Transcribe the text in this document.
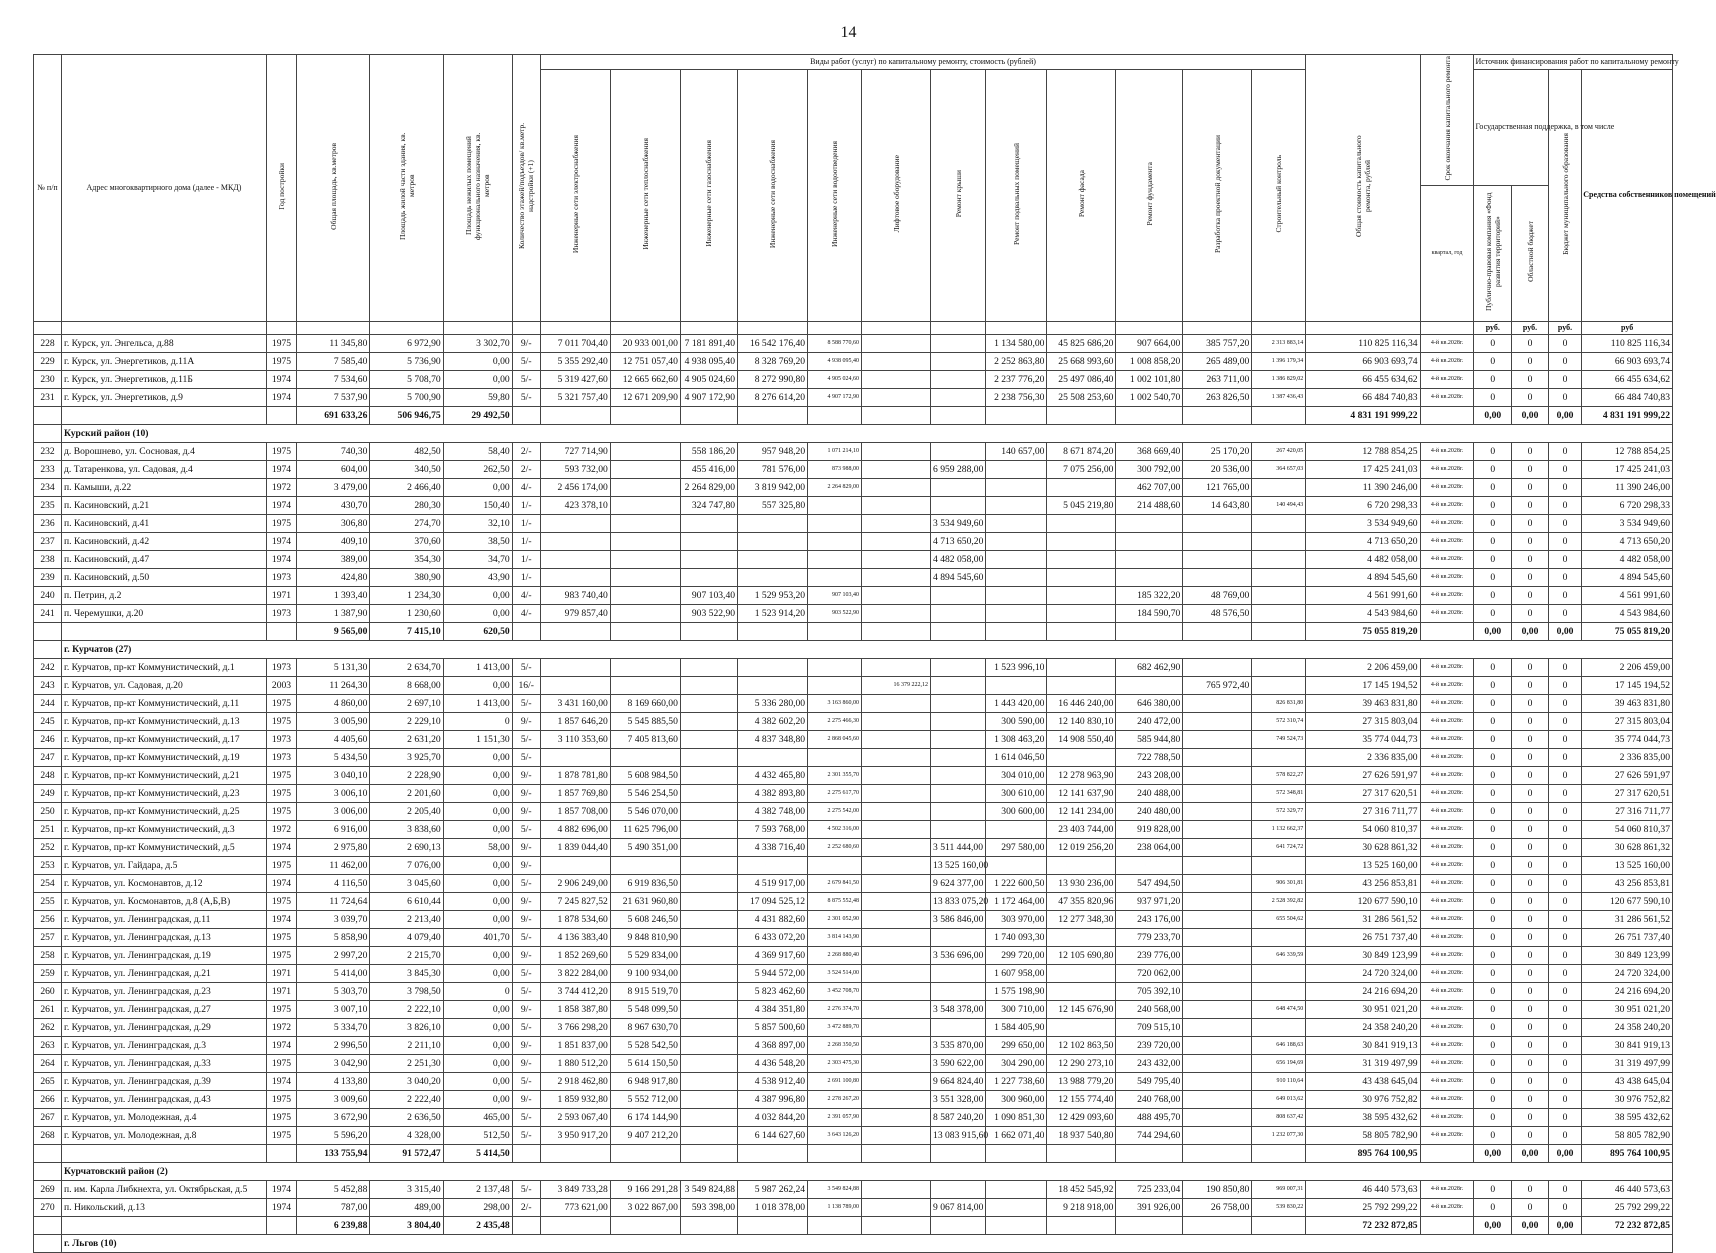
14
№ п/п	Адрес многоквартирного дома (далее - МКД)	Год постройки	Общая площадь, кв.метров	Площадь жилой части здания, кв. метров	Площадь нежилых помещений функционального назначения, кв. метров	Количество этажей/подъездов/ кв.метр. надстройки (+1)	Виды работ (услуг) по капитальному ремонту, стоимость (рублей)												Общая стоимость капитального ремонта, рублей	Срок окончания капитального ремонта	Источник финансирования работ по капитальному ремонту			
							Инженерные сети электроснабжения	Инженерные сети теплоснабжения	Инженерные сети газоснабжения	Инженерные сети водоснабжения	Инженерные сети водоотведения	Лифтовое оборудование	Ремонт крыши	Ремонт подвальных помещений	Ремонт фасада	Ремонт фундамента	Разработка проектной документации	Строительный контроль			Государственная поддержка, в том числе		Бюджет муниципального образования	Средства собственников помещений
																				квартал, год	Публично-правовая компания «Фонд развития территорий»	Областной бюджет		
																					руб.	руб.	руб.	руб
228	г. Курск, ул. Энгельса, д.88	1975	11 345,80	6 972,90	3 302,70	9/-	7 011 704,40	20 933 001,00	7 181 891,40	16 542 176,40	8 588 770,60			1 134 580,00	45 825 686,20	907 664,00	385 757,20	2 313 883,14	110 825 116,34	4-й кв.2028г.	0	0	0	110 825 116,34
229	г. Курск, ул. Энергетиков, д.11А	1975	7 585,40	5 736,90	0,00	5/-	5 355 292,40	12 751 057,40	4 938 095,40	8 328 769,20	4 938 095,40			2 252 863,80	25 668 993,60	1 008 858,20	265 489,00	1 396 179,34	66 903 693,74	4-й кв.2028г.	0	0	0	66 903 693,74
230	г. Курск, ул. Энергетиков, д.11Б	1974	7 534,60	5 708,70	0,00	5/-	5 319 427,60	12 665 662,60	4 905 024,60	8 272 990,80	4 905 024,60			2 237 776,20	25 497 086,40	1 002 101,80	263 711,00	1 386 829,02	66 455 634,62	4-й кв.2028г.	0	0	0	66 455 634,62
231	г. Курск, ул. Энергетиков, д.9	1974	7 537,90	5 700,90	59,80	5/-	5 321 757,40	12 671 209,90	4 907 172,90	8 276 614,20	4 907 172,90			2 238 756,30	25 508 253,60	1 002 540,70	263 826,50	1 387 436,43	66 484 740,83	4-й кв.2028г.	0	0	0	66 484 740,83
			691 633,26	506 946,75	29 492,50														4 831 191 999,22		0,00	0,00	0,00	4 831 191 999,22
	Курский район (10)																							
232	д. Ворошнево, ул. Сосновая, д.4	1975	740,30	482,50	58,40	2/-	727 714,90		558 186,20	957 948,20	1 071 214,10			140 657,00	8 671 874,20	368 669,40	25 170,20	267 420,05	12 788 854,25	4-й кв.2028г.	0	0	0	12 788 854,25
233	д. Татаренкова, ул. Садовая, д.4	1974	604,00	340,50	262,50	2/-	593 732,00		455 416,00	781 576,00	873 988,00		6 959 288,00		7 075 256,00	300 792,00	20 536,00	364 657,03	17 425 241,03	4-й кв.2028г.	0	0	0	17 425 241,03
234	п. Камыши, д.22	1972	3 479,00	2 466,40	0,00	4/-	2 456 174,00		2 264 829,00	3 819 942,00	2 264 829,00					462 707,00	121 765,00		11 390 246,00	4-й кв.2028г.	0	0	0	11 390 246,00
235	п. Касиновский, д.21	1974	430,70	280,30	150,40	1/-	423 378,10		324 747,80	557 325,80					5 045 219,80	214 488,60	14 643,80	140 494,43	6 720 298,33	4-й кв.2028г.	0	0	0	6 720 298,33
236	п. Касиновский, д.41	1975	306,80	274,70	32,10	1/-							3 534 949,60						3 534 949,60	4-й кв.2028г.	0	0	0	3 534 949,60
237	п. Касиновский, д.42	1974	409,10	370,60	38,50	1/-							4 713 650,20						4 713 650,20	4-й кв.2028г.	0	0	0	4 713 650,20
238	п. Касиновский, д.47	1974	389,00	354,30	34,70	1/-							4 482 058,00						4 482 058,00	4-й кв.2028г.	0	0	0	4 482 058,00
239	п. Касиновский, д.50	1973	424,80	380,90	43,90	1/-							4 894 545,60						4 894 545,60	4-й кв.2028г.	0	0	0	4 894 545,60
240	п. Петрин, д.2	1971	1 393,40	1 234,30	0,00	4/-	983 740,40		907 103,40	1 529 953,20	907 103,40					185 322,20	48 769,00		4 561 991,60	4-й кв.2028г.	0	0	0	4 561 991,60
241	п. Черемушки, д.20	1973	1 387,90	1 230,60	0,00	4/-	979 857,40		903 522,90	1 523 914,20	903 522,90					184 590,70	48 576,50		4 543 984,60	4-й кв.2028г.	0	0	0	4 543 984,60
			9 565,00	7 415,10	620,50														75 055 819,20		0,00	0,00	0,00	75 055 819,20
	г. Курчатов (27)																							
242	г. Курчатов, пр-кт Коммунистический, д.1	1973	5 131,30	2 634,70	1 413,00	5/-								1 523 996,10		682 462,90			2 206 459,00	4-й кв.2028г.	0	0	0	2 206 459,00
243	г. Курчатов, ул. Садовая, д.20	2003	11 264,30	8 668,00	0,00	16/-						16 379 222,12					765 972,40		17 145 194,52	4-й кв.2028г.	0	0	0	17 145 194,52
244	г. Курчатов, пр-кт Коммунистический, д.11	1975	4 860,00	2 697,10	1 413,00	5/-	3 431 160,00	8 169 660,00		5 336 280,00	3 163 860,00			1 443 420,00	16 446 240,00	646 380,00		826 831,80	39 463 831,80	4-й кв.2028г.	0	0	0	39 463 831,80
245	г. Курчатов, пр-кт Коммунистический, д.13	1975	3 005,90	2 229,10	0	9/-	1 857 646,20	5 545 885,50		4 382 602,20	2 275 466,30			300 590,00	12 140 830,10	240 472,00		572 310,74	27 315 803,04	4-й кв.2028г.	0	0	0	27 315 803,04
246	г. Курчатов, пр-кт Коммунистический, д.17	1973	4 405,60	2 631,20	1 151,30	5/-	3 110 353,60	7 405 813,60		4 837 348,80	2 868 045,60			1 308 463,20	14 908 550,40	585 944,80		749 524,73	35 774 044,73	4-й кв.2028г.	0	0	0	35 774 044,73
247	г. Курчатов, пр-кт Коммунистический, д.19	1973	5 434,50	3 925,70	0,00	5/-								1 614 046,50		722 788,50			2 336 835,00	4-й кв.2028г.	0	0	0	2 336 835,00
248	г. Курчатов, пр-кт Коммунистический, д.21	1975	3 040,10	2 228,90	0,00	9/-	1 878 781,80	5 608 984,50		4 432 465,80	2 301 355,70			304 010,00	12 278 963,90	243 208,00		578 822,27	27 626 591,97	4-й кв.2028г.	0	0	0	27 626 591,97
249	г. Курчатов, пр-кт Коммунистический, д.23	1975	3 006,10	2 201,60	0,00	9/-	1 857 769,80	5 546 254,50		4 382 893,80	2 275 617,70			300 610,00	12 141 637,90	240 488,00		572 348,81	27 317 620,51	4-й кв.2028г.	0	0	0	27 317 620,51
250	г. Курчатов, пр-кт Коммунистический, д.25	1975	3 006,00	2 205,40	0,00	9/-	1 857 708,00	5 546 070,00		4 382 748,00	2 275 542,00			300 600,00	12 141 234,00	240 480,00		572 329,77	27 316 711,77	4-й кв.2028г.	0	0	0	27 316 711,77
251	г. Курчатов, пр-кт Коммунистический, д.3	1972	6 916,00	3 838,60	0,00	5/-	4 882 696,00	11 625 796,00		7 593 768,00	4 502 316,00				23 403 744,00	919 828,00		1 132 662,37	54 060 810,37	4-й кв.2028г.	0	0	0	54 060 810,37
252	г. Курчатов, пр-кт Коммунистический, д.5	1974	2 975,80	2 690,13	58,00	9/-	1 839 044,40	5 490 351,00		4 338 716,40	2 252 680,60		3 511 444,00	297 580,00	12 019 256,20	238 064,00		641 724,72	30 628 861,32	4-й кв.2028г.	0	0	0	30 628 861,32
253	г. Курчатов, ул. Гайдара, д.5	1975	11 462,00	7 076,00	0,00	9/-							13 525 160,00						13 525 160,00	4-й кв.2028г.	0	0	0	13 525 160,00
254	г. Курчатов, ул. Космонавтов, д.12	1974	4 116,50	3 045,60	0,00	5/-	2 906 249,00	6 919 836,50		4 519 917,00	2 679 841,50		9 624 377,00	1 222 600,50	13 930 236,00	547 494,50		906 301,81	43 256 853,81	4-й кв.2028г.	0	0	0	43 256 853,81
255	г. Курчатов, ул. Космонавтов, д.8 (А,Б,В)	1975	11 724,64	6 610,44	0,00	9/-	7 245 827,52	21 631 960,80		17 094 525,12	8 875 552,48		13 833 075,20	1 172 464,00	47 355 820,96	937 971,20		2 528 392,82	120 677 590,10	4-й кв.2028г.	0	0	0	120 677 590,10
256	г. Курчатов, ул. Ленинградская, д.11	1974	3 039,70	2 213,40	0,00	9/-	1 878 534,60	5 608 246,50		4 431 882,60	2 301 052,90		3 586 846,00	303 970,00	12 277 348,30	243 176,00		655 504,62	31 286 561,52	4-й кв.2028г.	0	0	0	31 286 561,52
257	г. Курчатов, ул. Ленинградская, д.13	1975	5 858,90	4 079,40	401,70	5/-	4 136 383,40	9 848 810,90		6 433 072,20	3 814 143,90			1 740 093,30		779 233,70			26 751 737,40	4-й кв.2028г.	0	0	0	26 751 737,40
258	г. Курчатов, ул. Ленинградская, д.19	1975	2 997,20	2 215,70	0,00	9/-	1 852 269,60	5 529 834,00		4 369 917,60	2 268 880,40		3 536 696,00	299 720,00	12 105 690,80	239 776,00		646 339,59	30 849 123,99	4-й кв.2028г.	0	0	0	30 849 123,99
259	г. Курчатов, ул. Ленинградская, д.21	1971	5 414,00	3 845,30	0,00	5/-	3 822 284,00	9 100 934,00		5 944 572,00	3 524 514,00			1 607 958,00		720 062,00			24 720 324,00	4-й кв.2028г.	0	0	0	24 720 324,00
260	г. Курчатов, ул. Ленинградская, д.23	1971	5 303,70	3 798,50	0	5/-	3 744 412,20	8 915 519,70		5 823 462,60	3 452 708,70			1 575 198,90		705 392,10			24 216 694,20	4-й кв.2028г.	0	0	0	24 216 694,20
261	г. Курчатов, ул. Ленинградская, д.27	1975	3 007,10	2 222,10	0,00	9/-	1 858 387,80	5 548 099,50		4 384 351,80	2 276 374,70		3 548 378,00	300 710,00	12 145 676,90	240 568,00		648 474,50	30 951 021,20	4-й кв.2028г.	0	0	0	30 951 021,20
262	г. Курчатов, ул. Ленинградская, д.29	1972	5 334,70	3 826,10	0,00	5/-	3 766 298,20	8 967 630,70		5 857 500,60	3 472 889,70			1 584 405,90		709 515,10			24 358 240,20	4-й кв.2028г.	0	0	0	24 358 240,20
263	г. Курчатов, ул. Ленинградская, д.3	1974	2 996,50	2 211,10	0,00	9/-	1 851 837,00	5 528 542,50		4 368 897,00	2 268 350,50		3 535 870,00	299 650,00	12 102 863,50	239 720,00		646 188,63	30 841 919,13	4-й кв.2028г.	0	0	0	30 841 919,13
264	г. Курчатов, ул. Ленинградская, д.33	1975	3 042,90	2 251,30	0,00	9/-	1 880 512,20	5 614 150,50		4 436 548,20	2 303 475,30		3 590 622,00	304 290,00	12 290 273,10	243 432,00		656 194,69	31 319 497,99	4-й кв.2028г.	0	0	0	31 319 497,99
265	г. Курчатов, ул. Ленинградская, д.39	1974	4 133,80	3 040,20	0,00	5/-	2 918 462,80	6 948 917,80		4 538 912,40	2 691 100,80		9 664 824,40	1 227 738,60	13 988 779,20	549 795,40		910 110,64	43 438 645,04	4-й кв.2028г.	0	0	0	43 438 645,04
266	г. Курчатов, ул. Ленинградская, д.43	1975	3 009,60	2 222,40	0,00	9/-	1 859 932,80	5 552 712,00		4 387 996,80	2 278 267,20		3 551 328,00	300 960,00	12 155 774,40	240 768,00		649 013,62	30 976 752,82	4-й кв.2028г.	0	0	0	30 976 752,82
267	г. Курчатов, ул. Молодежная, д.4	1975	3 672,90	2 636,50	465,00	5/-	2 593 067,40	6 174 144,90		4 032 844,20	2 391 057,90		8 587 240,20	1 090 851,30	12 429 093,60	488 495,70		808 637,42	38 595 432,62	4-й кв.2028г.	0	0	0	38 595 432,62
268	г. Курчатов, ул. Молодежная, д.8	1975	5 596,20	4 328,00	512,50	5/-	3 950 917,20	9 407 212,20		6 144 627,60	3 643 126,20		13 083 915,60	1 662 071,40	18 937 540,80	744 294,60		1 232 077,30	58 805 782,90	4-й кв.2028г.	0	0	0	58 805 782,90
			133 755,94	91 572,47	5 414,50														895 764 100,95		0,00	0,00	0,00	895 764 100,95
	Курчатовский район (2)																							
269	п. им. Карла Либкнехта, ул. Октябрьская, д.5	1974	5 452,88	3 315,40	2 137,48	5/-	3 849 733,28	9 166 291,28	3 549 824,88	5 987 262,24	3 549 824,88				18 452 545,92	725 233,04	190 850,80	969 007,31	46 440 573,63	4-й кв.2028г.	0	0	0	46 440 573,63
270	п. Никольский, д.13	1974	787,00	489,00	298,00	2/-	773 621,00	3 022 867,00	593 398,00	1 018 378,00	1 138 789,00		9 067 814,00		9 218 918,00	391 926,00	26 758,00	539 830,22	25 792 299,22	4-й кв.2028г.	0	0	0	25 792 299,22
			6 239,88	3 804,40	2 435,48														72 232 872,85		0,00	0,00	0,00	72 232 872,85
	г. Льгов (10)																							
